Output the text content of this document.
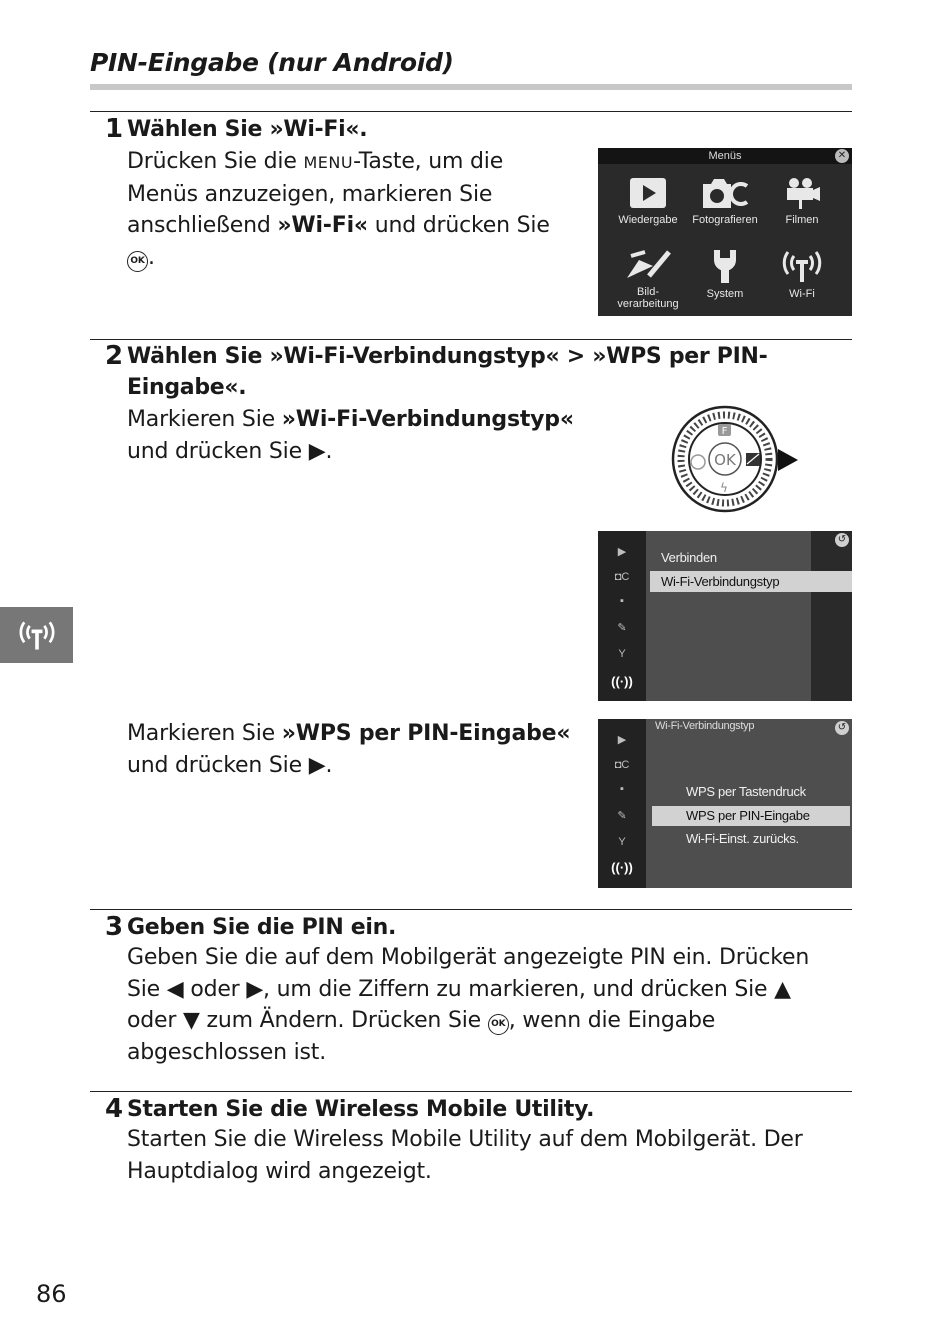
PIN-Eingabe (nur Android)
1 Wählen Sie »Wi-Fi«.
Drücken Sie die MENU-Taste, um die
Menüs anzuzeigen, markieren Sie
anschließend »Wi-Fi« und drücken Sie
OK .
Menüs	✕
Wiedergabe	Fotografieren	Filmen
Bild-
verarbeitung
System	Wi-Fi
2 Wählen Sie »Wi-Fi-Verbindungstyp« > »WPS per PIN-
Eingabe«.
Markieren Sie »Wi-Fi-Verbindungstyp«
und drücken Sie ▶.	OK
F
ϟ
▶
◘C
▪
✎
Y
((·))
Verbinden
Wi-Fi-Verbindungstyp
↺
Markieren Sie »WPS per PIN-Eingabe«
und drücken Sie ▶.
▶
◘C
▪
✎
Y
((·))
Wi-Fi-Verbindungstyp	↺
WPS per Tastendruck
WPS per PIN-Eingabe
Wi-Fi-Einst. zurücks.
3 Geben Sie die PIN ein.
Geben Sie die auf dem Mobilgerät angezeigte PIN ein. Drücken
Sie ◀ oder ▶, um die Ziffern zu markieren, und drücken Sie ▲
oder ▼ zum Ändern. Drücken Sie OK , wenn die Eingabe
abgeschlossen ist.
4 Starten Sie die Wireless Mobile Utility.
Starten Sie die Wireless Mobile Utility auf dem Mobilgerät. Der
Hauptdialog wird angezeigt.
86
